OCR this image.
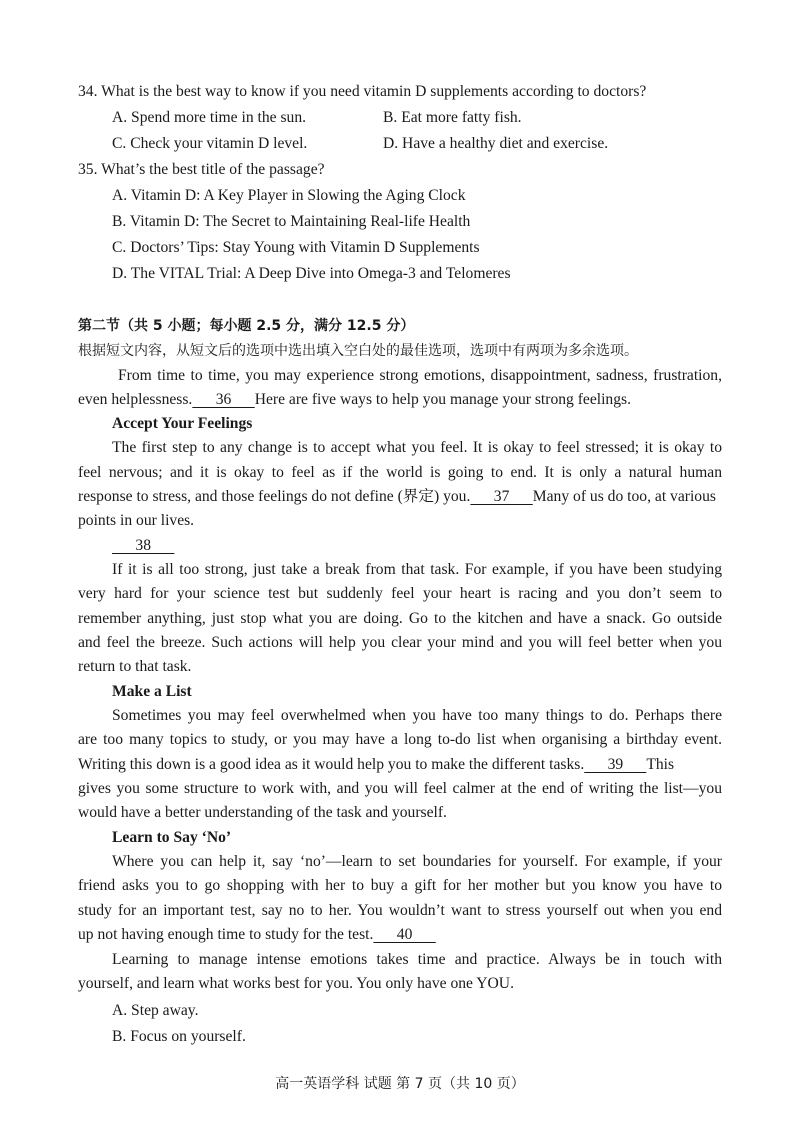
34. What is the best way to know if you need vitamin D supplements according to doctors?
A. Spend more time in the sun.	B. Eat more fatty fish.
C. Check your vitamin D level.	D. Have a healthy diet and exercise.
35. What’s the best title of the passage?
A. Vitamin D: A Key Player in Slowing the Aging Clock
B. Vitamin D: The Secret to Maintaining Real-life Health
C. Doctors’ Tips: Stay Young with Vitamin D Supplements
D. The VITAL Trial: A Deep Dive into Omega-3 and Telomeres
第二节（共 5 小题；每小题 2.5 分，满分 12.5 分）
根据短文内容，从短文后的选项中选出填入空白处的最佳选项，选项中有两项为多余选项。
From time to time, you may experience strong emotions, disappointment, sadness, frustration,
even helplessness.      36      Here are five ways to help you manage your strong feelings.
Accept Your Feelings
The first step to any change is to accept what you feel. It is okay to feel stressed; it is okay to
feel nervous; and it is okay to feel as if the world is going to end. It is only a natural human
response to stress, and those feelings do not define (界定) you.      37      Many of us do too, at various
points in our lives.
38
If it is all too strong, just take a break from that task. For example, if you have been studying
very hard for your science test but suddenly feel your heart is racing and you don’t seem to
remember anything, just stop what you are doing. Go to the kitchen and have a snack. Go outside
and feel the breeze. Such actions will help you clear your mind and you will feel better when you
return to that task.
Make a List
Sometimes you may feel overwhelmed when you have too many things to do. Perhaps there
are too many topics to study, or you may have a long to-do list when organising a birthday event.
Writing this down is a good idea as it would help you to make the different tasks.      39      This
gives you some structure to work with, and you will feel calmer at the end of writing the list—you
would have a better understanding of the task and yourself.
Learn to Say ‘No’
Where you can help it, say ‘no’—learn to set boundaries for yourself. For example, if your
friend asks you to go shopping with her to buy a gift for her mother but you know you have to
study for an important test, say no to her. You wouldn’t want to stress yourself out when you end
up not having enough time to study for the test.      40
Learning to manage intense emotions takes time and practice. Always be in touch with
yourself, and learn what works best for you. You only have one YOU.
A. Step away.
B. Focus on yourself.
高一英语学科 试题 第 7 页（共 10 页）
